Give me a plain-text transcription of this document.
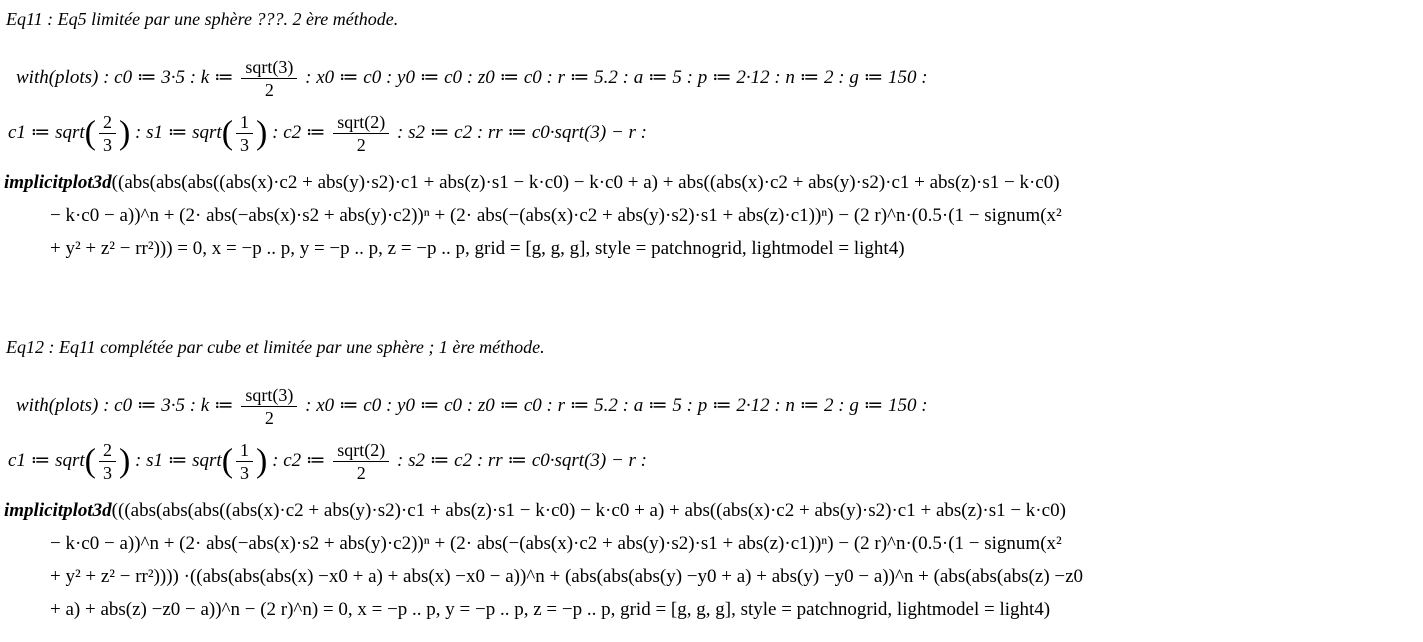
Eq11 : Eq5 limitée par une sphère ???. 2 ère méthode.
with(plots) : c0 ≔ 3·5 : k ≔ $\frac{\text{sqrt(3)}}{2}$ : x0 ≔ c0 : y0 ≔ c0 : z0 ≔ c0 : r ≔ 5.2 : a ≔ 5 : p ≔ 2·12 : n ≔ 2 : g ≔ 150 :
c1 ≔ sqrt( $\frac{2}{3}$ ) : s1 ≔ sqrt( $\frac{1}{3}$ ) : c2 ≔ $\frac{\text{sqrt(2)}}{2}$ : s2 ≔ c2 : rr ≔ c0·sqrt(3) − r :
implicitplot3d((abs(abs(abs((abs(x)·c2 + abs(y)·s2)·c1 + abs(z)·s1 − k·c0) − k·c0 + a) + abs((abs(x)·c2 + abs(y)·s2)·c1 + abs(z)·s1 − k·c0)
− k·c0 − a))^n + (2· abs(−abs(x)·s2 + abs(y)·c2))ⁿ + (2· abs(−(abs(x)·c2 + abs(y)·s2)·s1 + abs(z)·c1))ⁿ) − (2 r)^n·(0.5·(1 − signum(x²
+ y² + z² − rr²))) = 0, x = −p .. p, y = −p .. p, z = −p .. p, grid = [g, g, g], style = patchnogrid, lightmodel = light4)
Eq12 : Eq11 complétée par cube et limitée par une sphère ; 1 ère méthode.
with(plots) : c0 ≔ 3·5 : k ≔ $\frac{\text{sqrt(3)}}{2}$ : x0 ≔ c0 : y0 ≔ c0 : z0 ≔ c0 : r ≔ 5.2 : a ≔ 5 : p ≔ 2·12 : n ≔ 2 : g ≔ 150 :
c1 ≔ sqrt( $\frac{2}{3}$ ) : s1 ≔ sqrt( $\frac{1}{3}$ ) : c2 ≔ $\frac{\text{sqrt(2)}}{2}$ : s2 ≔ c2 : rr ≔ c0·sqrt(3) − r :
implicitplot3d(((abs(abs(abs((abs(x)·c2 + abs(y)·s2)·c1 + abs(z)·s1 − k·c0) − k·c0 + a) + abs((abs(x)·c2 + abs(y)·s2)·c1 + abs(z)·s1 − k·c0)
− k·c0 − a))^n + (2· abs(−abs(x)·s2 + abs(y)·c2))ⁿ + (2· abs(−(abs(x)·c2 + abs(y)·s2)·s1 + abs(z)·c1))ⁿ) − (2 r)^n·(0.5·(1 − signum(x²
+ y² + z² − rr²)))) ·((abs(abs(abs(x) −x0 + a) + abs(x) −x0 − a))^n + (abs(abs(abs(y) −y0 + a) + abs(y) −y0 − a))^n + (abs(abs(abs(z) −z0
+ a) + abs(z) −z0 − a))^n − (2 r)^n) = 0, x = −p .. p, y = −p .. p, z = −p .. p, grid = [g, g, g], style = patchnogrid, lightmodel = light4)
